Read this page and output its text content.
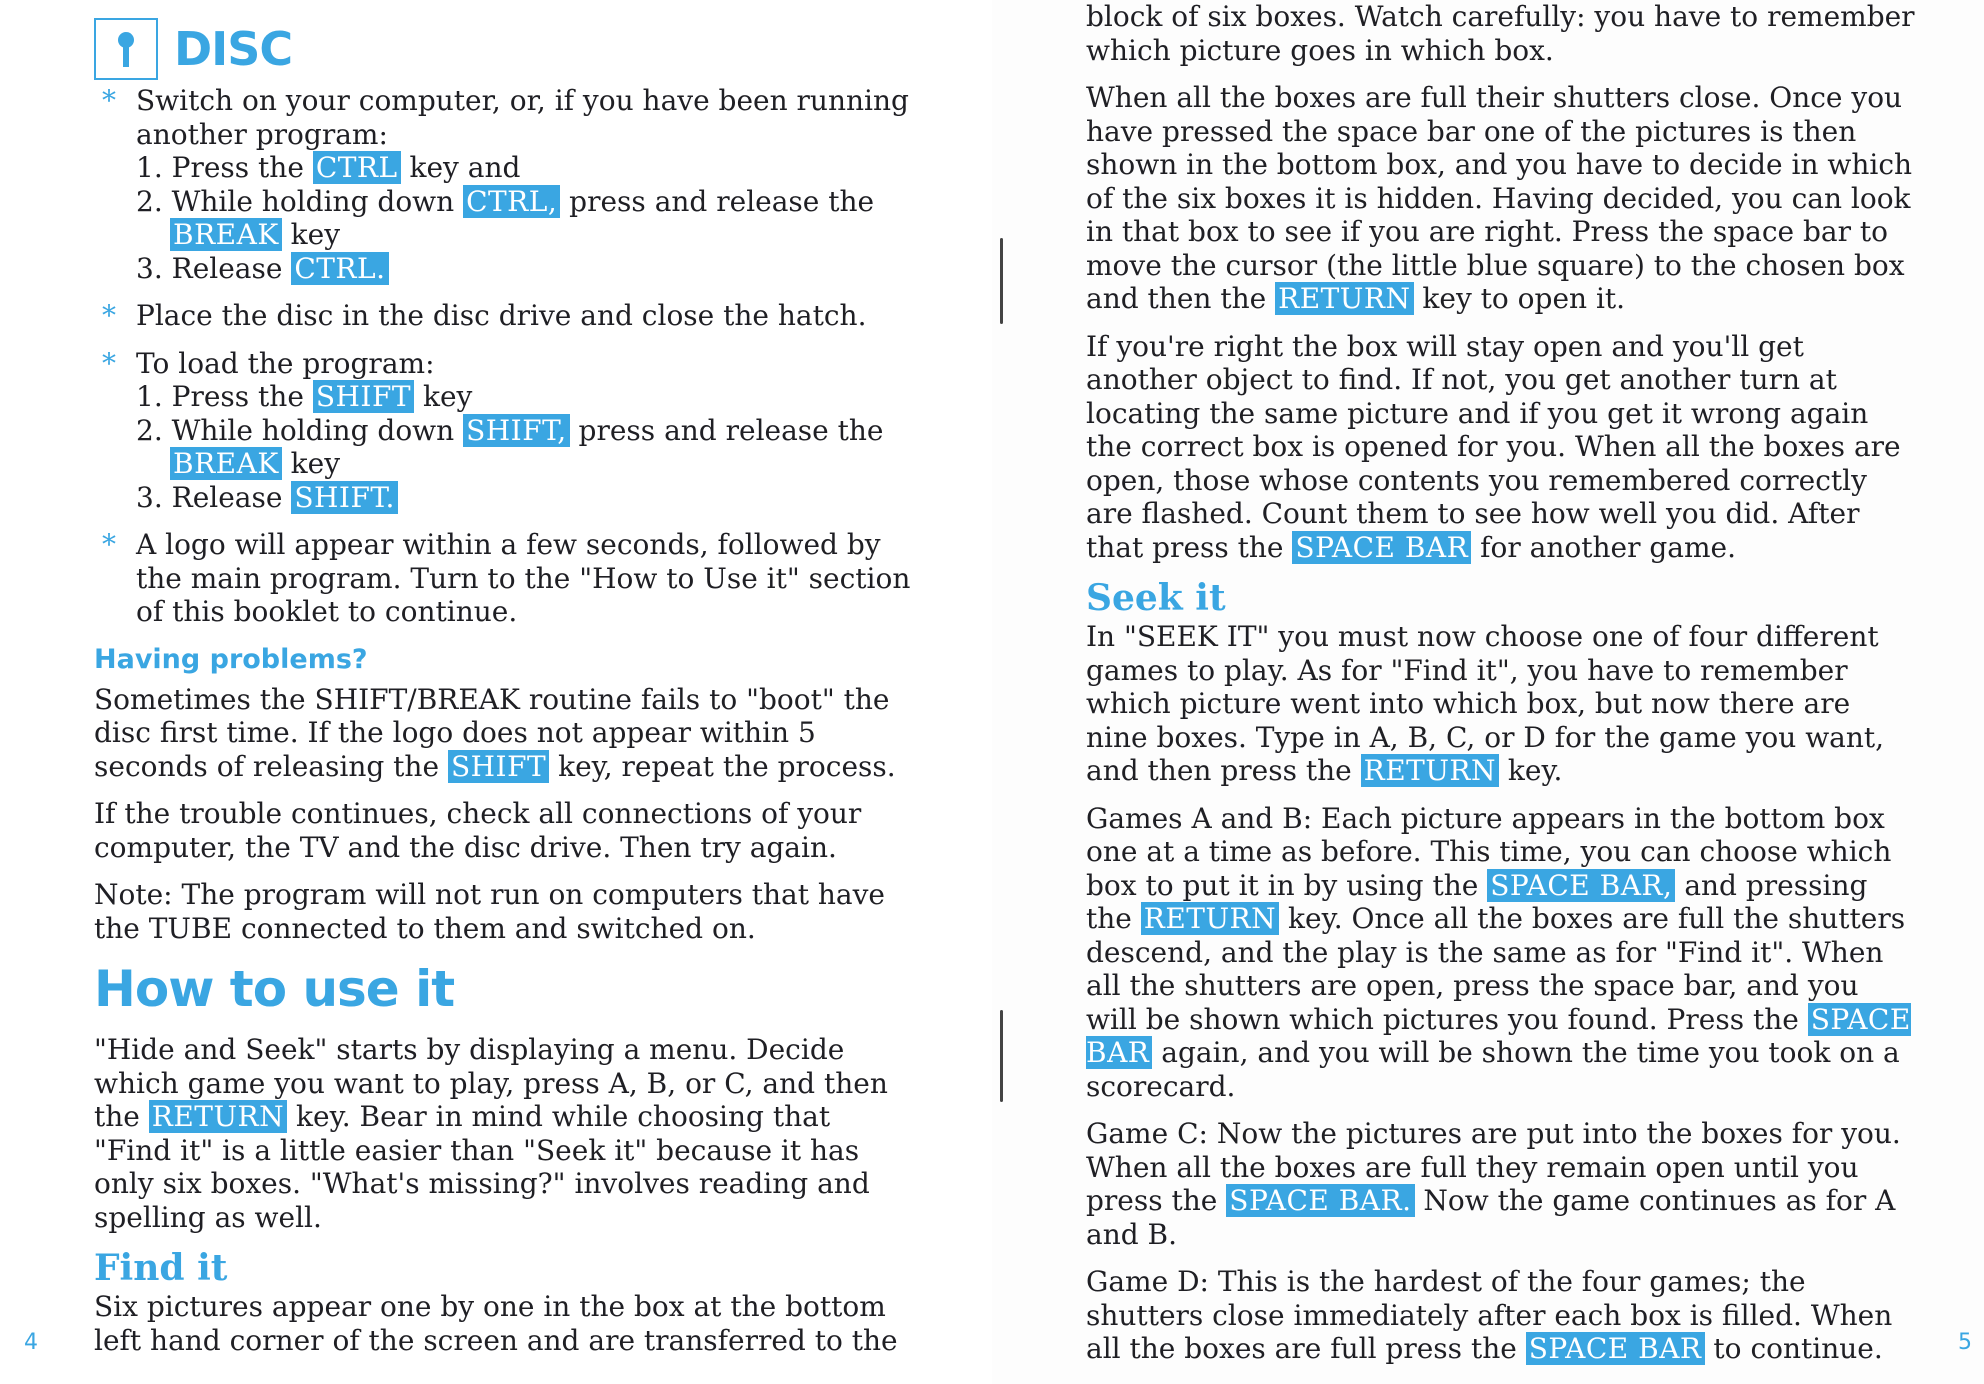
DISC
* Switch on your computer, or, if you have been running another program:
1. Press the CTRL key and
2. While holding down CTRL, press and release the
BREAK key
3. Release CTRL.
* Place the disc in the disc drive and close the hatch.
* To load the program:
1. Press the SHIFT key
2. While holding down SHIFT, press and release the
BREAK key
3. Release SHIFT.
* A logo will appear within a few seconds, followed by the main program. Turn to the "How to Use it" section of this booklet to continue.
Having problems?

Sometimes the SHIFT/BREAK routine fails to "boot" the disc first time. If the logo does not appear within 5 seconds of releasing the SHIFT key, repeat the process.

If the trouble continues, check all connections of your computer, the TV and the disc drive. Then try again.

Note: The program will not run on computers that have the TUBE connected to them and switched on.

How to use it

"Hide and Seek" starts by displaying a menu. Decide which game you want to play, press A, B, or C, and then the RETURN key. Bear in mind while choosing that "Find it" is a little easier than "Seek it" because it has only six boxes. "What's missing?" involves reading and spelling as well.

Find it

Six pictures appear one by one in the box at the bottom left hand corner of the screen and are transferred to the

4

block of six boxes. Watch carefully: you have to remember which picture goes in which box.

When all the boxes are full their shutters close. Once you have pressed the space bar one of the pictures is then shown in the bottom box, and you have to decide in which of the six boxes it is hidden. Having decided, you can look in that box to see if you are right. Press the space bar to move the cursor (the little blue square) to the chosen box and then the RETURN key to open it.

If you're right the box will stay open and you'll get another object to find. If not, you get another turn at locating the same picture and if you get it wrong again the correct box is opened for you. When all the boxes are open, those whose contents you remembered correctly are flashed. Count them to see how well you did. After that press the SPACE BAR for another game.

Seek it

In "SEEK IT" you must now choose one of four different games to play. As for "Find it", you have to remember which picture went into which box, but now there are nine boxes. Type in A, B, C, or D for the game you want, and then press the RETURN key.

Games A and B: Each picture appears in the bottom box one at a time as before. This time, you can choose which box to put it in by using the SPACE BAR, and pressing the RETURN key. Once all the boxes are full the shutters descend, and the play is the same as for "Find it". When all the shutters are open, press the space bar, and you will be shown which pictures you found. Press the SPACE BAR again, and you will be shown the time you took on a scorecard.

Game C: Now the pictures are put into the boxes for you. When all the boxes are full they remain open until you press the SPACE BAR. Now the game continues as for A and B.

Game D: This is the hardest of the four games; the shutters close immediately after each box is filled. When all the boxes are full press the SPACE BAR to continue.	5
